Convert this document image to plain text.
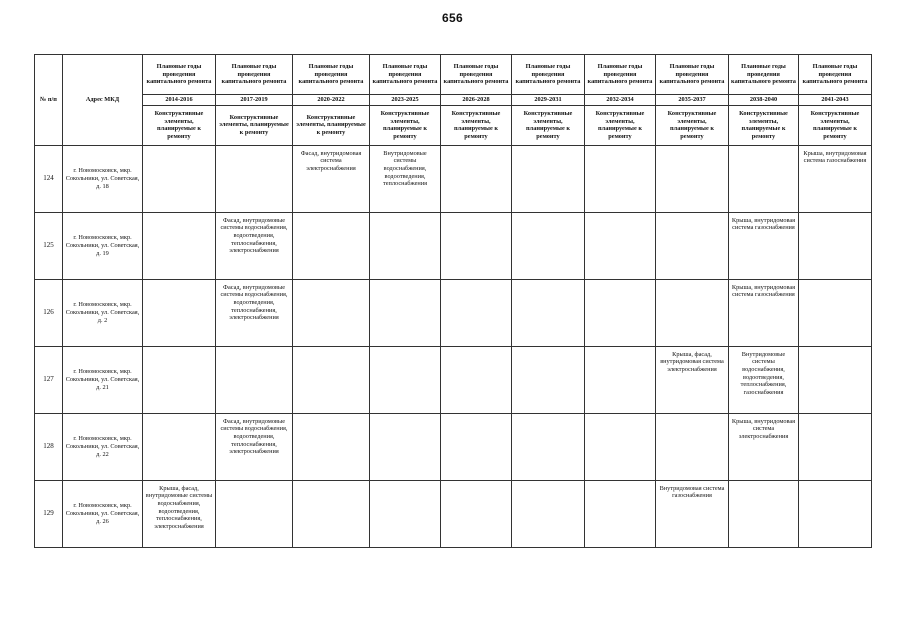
656
№ п/п	Адрес МКД	Плановые годы проведения капитального ремонта	Плановые годы проведения капитального ремонта	Плановые годы проведения капитального ремонта	Плановые годы проведения капитального ремонта	Плановые годы проведения капитального ремонта	Плановые годы проведения капитального ремонта	Плановые годы проведения капитального ремонта	Плановые годы проведения капитального ремонта	Плановые годы проведения капитального ремонта	Плановые годы проведения капитального ремонта
		2014-2016	2017-2019	2020-2022	2023-2025	2026-2028	2029-2031	2032-2034	2035-2037	2038-2040	2041-2043
		Конструктивные элементы, планируемые к ремонту	Конструктивные элементы, планируемые к ремонту	Конструктивные элементы, планируемые к ремонту	Конструктивные элементы, планируемые к ремонту	Конструктивные элементы, планируемые к ремонту	Конструктивные элементы, планируемые к ремонту	Конструктивные элементы, планируемые к ремонту	Конструктивные элементы, планируемые к ремонту	Конструктивные элементы, планируемые к ремонту	Конструктивные элементы, планируемые к ремонту
124	г. Новомосковск, мкр. Сокольники, ул. Советская, д. 18			Фасад, внутридомовая система электроснабжения	Внутридомовые системы водоснабжения, водоотведения, теплоснабжения						Крыша, внутридомовая система газоснабжения
125	г. Новомосковск, мкр. Сокольники, ул. Советская, д. 19		Фасад, внутридомовые системы водоснабжения, водоотведения, теплоснабжения, электроснабжения							Крыша, внутридомовая система газоснабжения	
126	г. Новомосковск, мкр. Сокольники, ул. Советская, д. 2		Фасад, внутридомовые системы водоснабжения, водоотведения, теплоснабжения, электроснабжения							Крыша, внутридомовая система газоснабжения	
127	г. Новомосковск, мкр. Сокольники, ул. Советская, д. 21								Крыша, фасад, внутридомовая система электроснабжения	Внутридомовые системы водоснабжения, водоотведения, теплоснабжения, газоснабжения	
128	г. Новомосковск, мкр. Сокольники, ул. Советская, д. 22		Фасад, внутридомовые системы водоснабжения, водоотведения, теплоснабжения, электроснабжения							Крыша, внутридомовая система электроснабжения	
129	г. Новомосковск, мкр. Сокольники, ул. Советская, д. 26	Крыша, фасад, внутридомовые системы водоснабжения, водоотведения, теплоснабжения, электроснабжения							Внутридомовая система газоснабжения		
